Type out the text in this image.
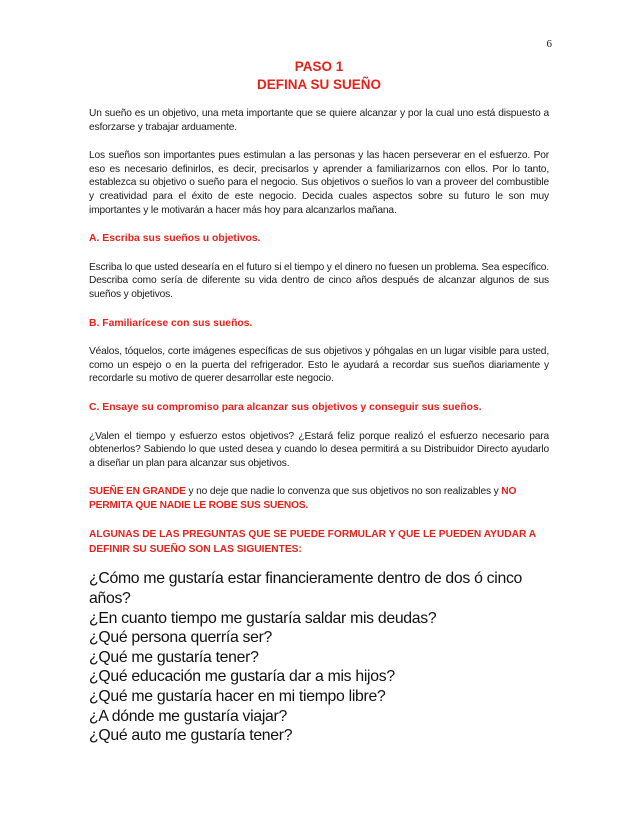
6
PASO 1
DEFINA SU SUEÑO

Un sueño es un objetivo, una meta importante que se quiere alcanzar y por la cual uno está dispuesto a esforzarse y trabajar arduamente.

Los sueños son importantes pues estimulan a las personas y las hacen perseverar en el esfuerzo. Por eso es necesario definirlos, es decir, precisarlos y aprender a familiarizarnos con ellos. Por lo tanto, establezca su objetivo o sueño para el negocio. Sus objetivos o sueños lo van a proveer del combustible y creatividad para el éxito de este negocio. Decida cuales aspectos sobre su futuro le son muy importantes y le motivarán a hacer más hoy para alcanzarlos mañana.

A. Escriba sus sueños u objetivos.

Escriba lo que usted desearía en el futuro si el tiempo y el dinero no fuesen un problema. Sea específico. Describa como sería de diferente su vida dentro de cinco años después de alcanzar algunos de sus sueños y objetivos.

B. Familiarícese con sus sueños.

Véalos, tóquelos, corte imágenes específicas de sus objetivos y póhgalas en un lugar visible para usted, como un espejo o en la puerta del refrigerador. Esto le ayudará a recordar sus sueños diariamente y recordarle su motivo de querer desarrollar este negocio.

C. Ensaye su compromiso para alcanzar sus objetivos y conseguir sus sueños.

¿Valen el tiempo y esfuerzo estos objetivos? ¿Estará feliz porque realizó el esfuerzo necesario para obtenerlos? Sabiendo lo que usted desea y cuando lo desea permitirá a su Distribuidor Directo ayudarlo a diseñar un plan para alcanzar sus objetivos.

SUEÑE EN GRANDE y no deje que nadie lo convenza que sus objetivos no son realizables y NO PERMITA QUE NADIE LE ROBE SUS SUENOS.

ALGUNAS DE LAS PREGUNTAS QUE SE PUEDE FORMULAR Y QUE LE PUEDEN AYUDAR A DEFINIR SU SUEÑO SON LAS SIGUIENTES:

¿Cómo me gustaría estar financieramente dentro de dos ó cinco años?
¿En cuanto tiempo me gustaría saldar mis deudas?
¿Qué persona querría ser?
¿Qué me gustaría tener?
¿Qué educación me gustaría dar a mis hijos?
¿Qué me gustaría hacer en mi tiempo libre?
¿A dónde me gustaría viajar?
¿Qué auto me gustaría tener?
